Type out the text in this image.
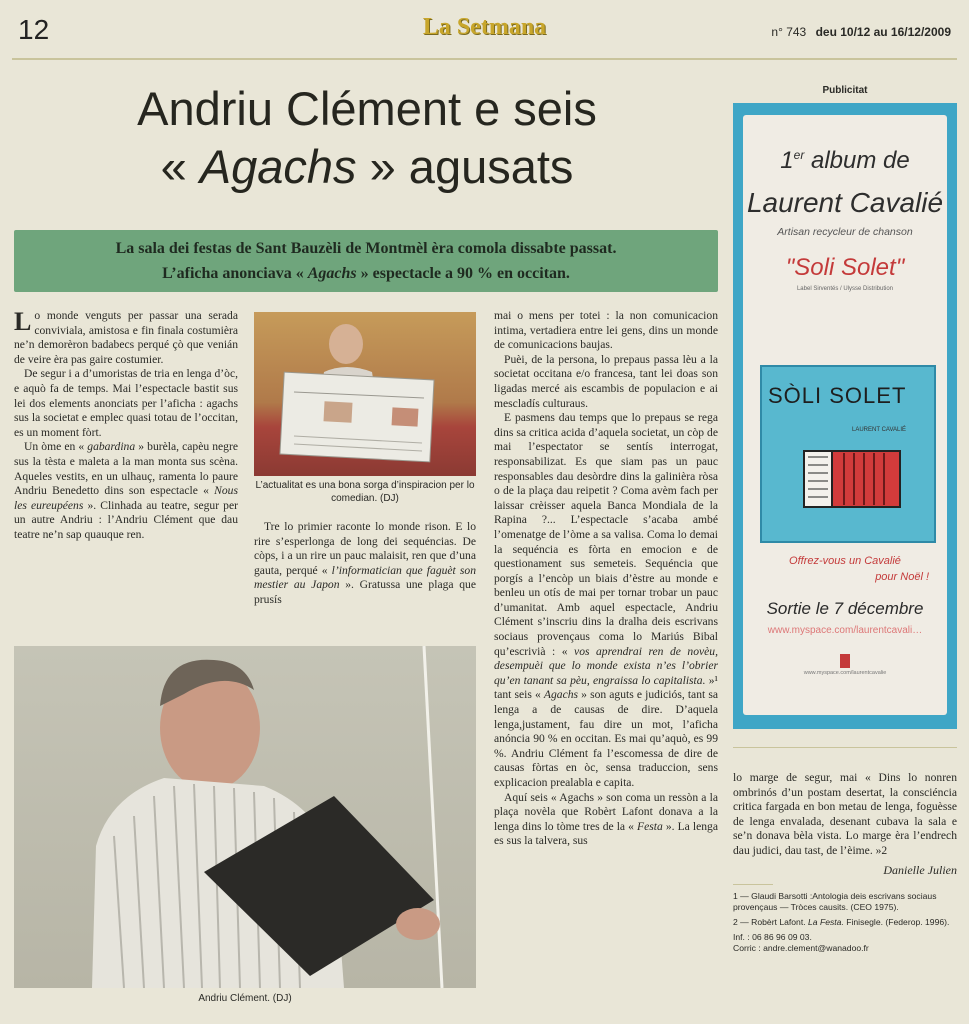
12	La Setmana	n° 743 deu 10/12 au 16/12/2009
Andriu Clément e seis
« Agachs » agusats
La sala dei festas de Sant Bauzèli de Montmèl èra comola dissabte passat.
L’aficha anonciava « Agachs » espectacle a 90 % en occitan.

Lo monde venguts per passar una serada conviviala, amistosa e fin finala costumièra ne’n demorèron badabecs perqué çò que venián de veire èra pas gaire costumier.

De segur i a d’umoristas de tria en lenga d’òc, e aquò fa de temps. Mai l’espectacle bastit sus lei dos elements anonciats per l’aficha : agachs sus la societat e emplec quasi totau de l’occitan, es un moment fòrt.

Un òme en « gabardina » burèla, capèu negre sus la tèsta e maleta a la man monta sus scèna. Aqueles vestits, en un ulhauç, ramenta lo paure Andriu Benedetto dins son espectacle « Nous les eureupéens ». Clinhada au teatre, segur per un autre Andriu : l’Andriu Clément que dau teatre ne’n sap quauque ren.

L’actualitat es una bona sorga d’inspiracion per lo comedian. (DJ)

Tre lo primier raconte lo monde rison. E lo rire s’esperlonga de long dei sequéncias. De còps, i a un rire un pauc malaisit, ren que d’una gauta, perqué « l’informatician que faguèt son mestier au Japon ». Gratussa une plaga que prusís

Andriu Clément. (DJ)

mai o mens per totei : la non comunicacion intima, vertadiera entre lei gens, dins un monde de comunicacions baujas.

Puèi, de la persona, lo prepaus passa lèu a la societat occitana e/o francesa, tant lei doas son ligadas mercé ais escambis de populacion e ai mescladís culturaus.

E pasmens dau temps que lo prepaus se rega dins sa critica acida d’aquela societat, un còp de mai l’espectator se sentís interrogat, responsabilizat. Es que siam pas un pauc responsables dau desòrdre dins la galinièra ròsa o de la plaça dau reipetit ? Coma avèm fach per laissar crèisser aquela Banca Mondiala de la Rapina ?... L’espectacle s’acaba ambé l’omenatge de l’òme a sa valisa. Coma lo demai la sequéncia es fòrta en emocion e de questionament sus semeteis. Sequéncia que porgís a l’encòp un biais d’èstre au monde e benleu un otís de mai per tornar trobar un pauc d’umanitat. Amb aquel espectacle, Andriu Clément s’inscriu dins la dralha deis escrivans sociaus provençaus coma lo Mariús Bibal qu’escrivià : « vos aprendrai ren de novèu, desempuèi que lo monde exista n’es l’obrier qu’en tanant sa pèu, engraissa lo capitalista. »¹ tant seis « Agachs » son aguts e judiciós, tant sa lenga a de causas de dire. D’aquela lenga,justament, fau dire un mot, l’aficha anóncia 90 % en occitan. Es mai qu’aquò, es 99 %. Andriu Clément fa l’escomessa de dire de causas fòrtas en òc, sensa traduccion, sens explicacion prealabla e capita.

Aquí seis « Agachs » son coma un ressòn a la plaça novèla que Robèrt Lafont donava a la lenga dins lo tòme tres de la « Festa ». La lenga es sus la talvera, sus

Publicitat
1er album de
Laurent Cavalié
Artisan recycleur de chanson
"Soli Solet"
Label Sirventés / Ulysse Distribution
SÒLI SOLET
LAURENT CAVALIÉ
Offrez-vous un Cavalié
pour Noël !
Sortie le 7 décembre
www.myspace.com/laurentcavali…
www.myspace.com/laurentcavalie

lo marge de segur, mai « Dins lo nonren ombrinós d’un postam desertat, la consciéncia critica fargada en bon metau de lenga, foguèsse de lenga envalada, desenant cubava la sala e se’n donava bèla vista. Lo marge èra l’endrech dau judici, dau tast, de l’èime. »2

Danielle Julien

1 — Glaudi Barsotti :Antologia deis escrivans sociaus provençaus — Tròces causits. (CEO 1975).

2 — Robèrt Lafont. La Festa. Finisegle. (Federop. 1996).

Inf. : 06 86 96 09 03.

Corric : andre.clement@wanadoo.fr
